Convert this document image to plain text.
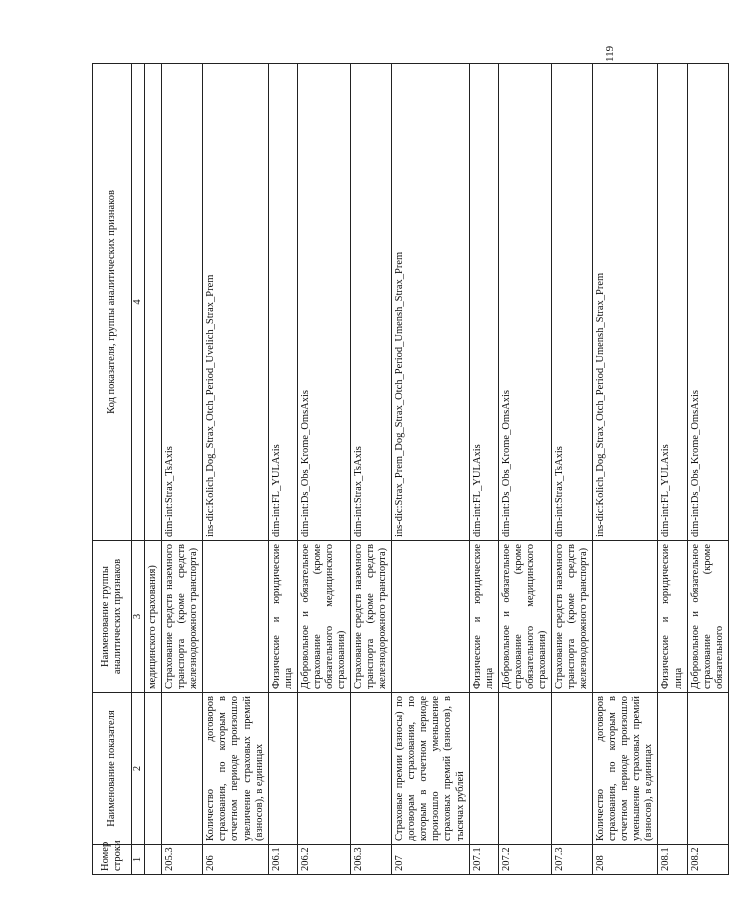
119
Номер строки	Наименование показателя	Наименование группы аналитических признаков	Код показателя, группы аналитических признаков
1	2	3	4
		медицинского страхования)	
205.3		Страхование средств наземного транспорта (кроме средств железнодорожного транспорта)	dim-int:Strax_TsAxis
206	Количество договоров страхования, по которым в отчетном периоде произошло увеличение страховых премий (взносов), в единицах		ins-dic:Kolich_Dog_Strax_Otch_Period_Uvelich_Strax_Prem
206.1		Физические и юридические лица	dim-int:FL_YULAxis
206.2		Добровольное и обязательное страхование (кроме обязательного медицинского страхования)	dim-int:Ds_Obs_Krome_OmsAxis
206.3		Страхование средств наземного транспорта (кроме средств железнодорожного транспорта)	dim-int:Strax_TsAxis
207	Страховые премии (взносы) по договорам страхования, по которым в отчетном периоде произошло уменьшение страховых премий (взносов), в тысячах рублей		ins-dic:Strax_Prem_Dog_Strax_Otch_Period_Umensh_Strax_Prem
207.1		Физические и юридические лица	dim-int:FL_YULAxis
207.2		Добровольное и обязательное страхование (кроме обязательного медицинского страхования)	dim-int:Ds_Obs_Krome_OmsAxis
207.3		Страхование средств наземного транспорта (кроме средств железнодорожного транспорта)	dim-int:Strax_TsAxis
208	Количество договоров страхования, по которым в отчетном периоде произошло уменьшение страховых премий (взносов), в единицах		ins-dic:Kolich_Dog_Strax_Otch_Period_Umensh_Strax_Prem
208.1		Физические и юридические лица	dim-int:FL_YULAxis
208.2		Добровольное и обязательное страхование (кроме обязательного	dim-int:Ds_Obs_Krome_OmsAxis
